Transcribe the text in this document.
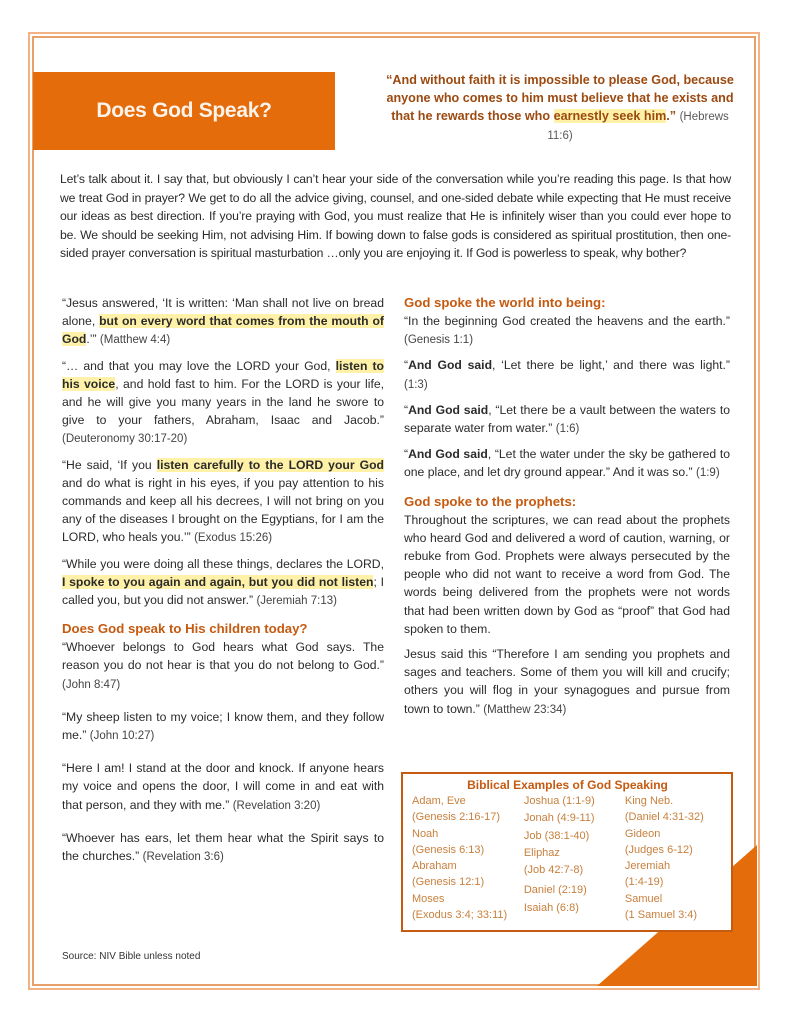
Does God Speak?
“And without faith it is impossible to please God, because anyone who comes to him must believe that he exists and that he rewards those who earnestly seek him.” (Hebrews 11:6)
Let’s talk about it. I say that, but obviously I can’t hear your side of the conversation while you’re reading this page. Is that how we treat God in prayer? We get to do all the advice giving, counsel, and one-sided debate while expecting that He must receive our ideas as best direction. If you’re praying with God, you must realize that He is infinitely wiser than you could ever hope to be. We should be seeking Him, not advising Him. If bowing down to false gods is considered as spiritual prostitution, then one-sided prayer conversation is spiritual masturbation …only you are enjoying it. If God is powerless to speak, why bother?

“Jesus answered, ‘It is written: ‘Man shall not live on bread alone, but on every word that comes from the mouth of God.’” (Matthew 4:4)

“… and that you may love the LORD your God, listen to his voice, and hold fast to him. For the LORD is your life, and he will give you many years in the land he swore to give to your fathers, Abraham, Isaac and Jacob.” (Deuteronomy 30:17-20)

“He said, ‘If you listen carefully to the LORD your God and do what is right in his eyes, if you pay attention to his commands and keep all his decrees, I will not bring on you any of the diseases I brought on the Egyptians, for I am the LORD, who heals you.’” (Exodus 15:26)

“While you were doing all these things, declares the LORD, I spoke to you again and again, but you did not listen; I called you, but you did not answer.” (Jeremiah 7:13)

Does God speak to His children today?

“Whoever belongs to God hears what God says. The reason you do not hear is that you do not belong to God.” (John 8:47)

“My sheep listen to my voice; I know them, and they follow me.” (John 10:27)

“Here I am! I stand at the door and knock. If anyone hears my voice and opens the door, I will come in and eat with that person, and they with me.” (Revelation 3:20)

“Whoever has ears, let them hear what the Spirit says to the churches.” (Revelation 3:6)

God spoke the world into being:

“In the beginning God created the heavens and the earth.” (Genesis 1:1)

“And God said, ‘Let there be light,’ and there was light.” (1:3)

“And God said, “Let there be a vault between the waters to separate water from water.” (1:6)

“And God said, “Let the water under the sky be gathered to one place, and let dry ground appear.” And it was so.” (1:9)

God spoke to the prophets:

Throughout the scriptures, we can read about the prophets who heard God and delivered a word of caution, warning, or rebuke from God. Prophets were always persecuted by the people who did not want to receive a word from God. The words being delivered from the prophets were not words that had been written down by God as “proof” that God had spoken to them.

Jesus said this “Therefore I am sending you prophets and sages and teachers. Some of them you will kill and crucify; others you will flog in your synagogues and pursue from town to town.” (Matthew 23:34)

Biblical Examples of God Speaking
Adam, Eve
(Genesis 2:16-17)
Noah
(Genesis 6:13)
Abraham
(Genesis 12:1)
Moses
(Exodus 3:4; 33:11)
Joshua (1:1-9)
Jonah (4:9-11)
Job (38:1-40)
Eliphaz
(Job 42:7-8)
Daniel (2:19)
Isaiah (6:8)
King Neb.
(Daniel 4:31-32)
Gideon
(Judges 6-12)
Jeremiah
(1:4-19)
Samuel
(1 Samuel 3:4)
Source: NIV Bible unless noted
